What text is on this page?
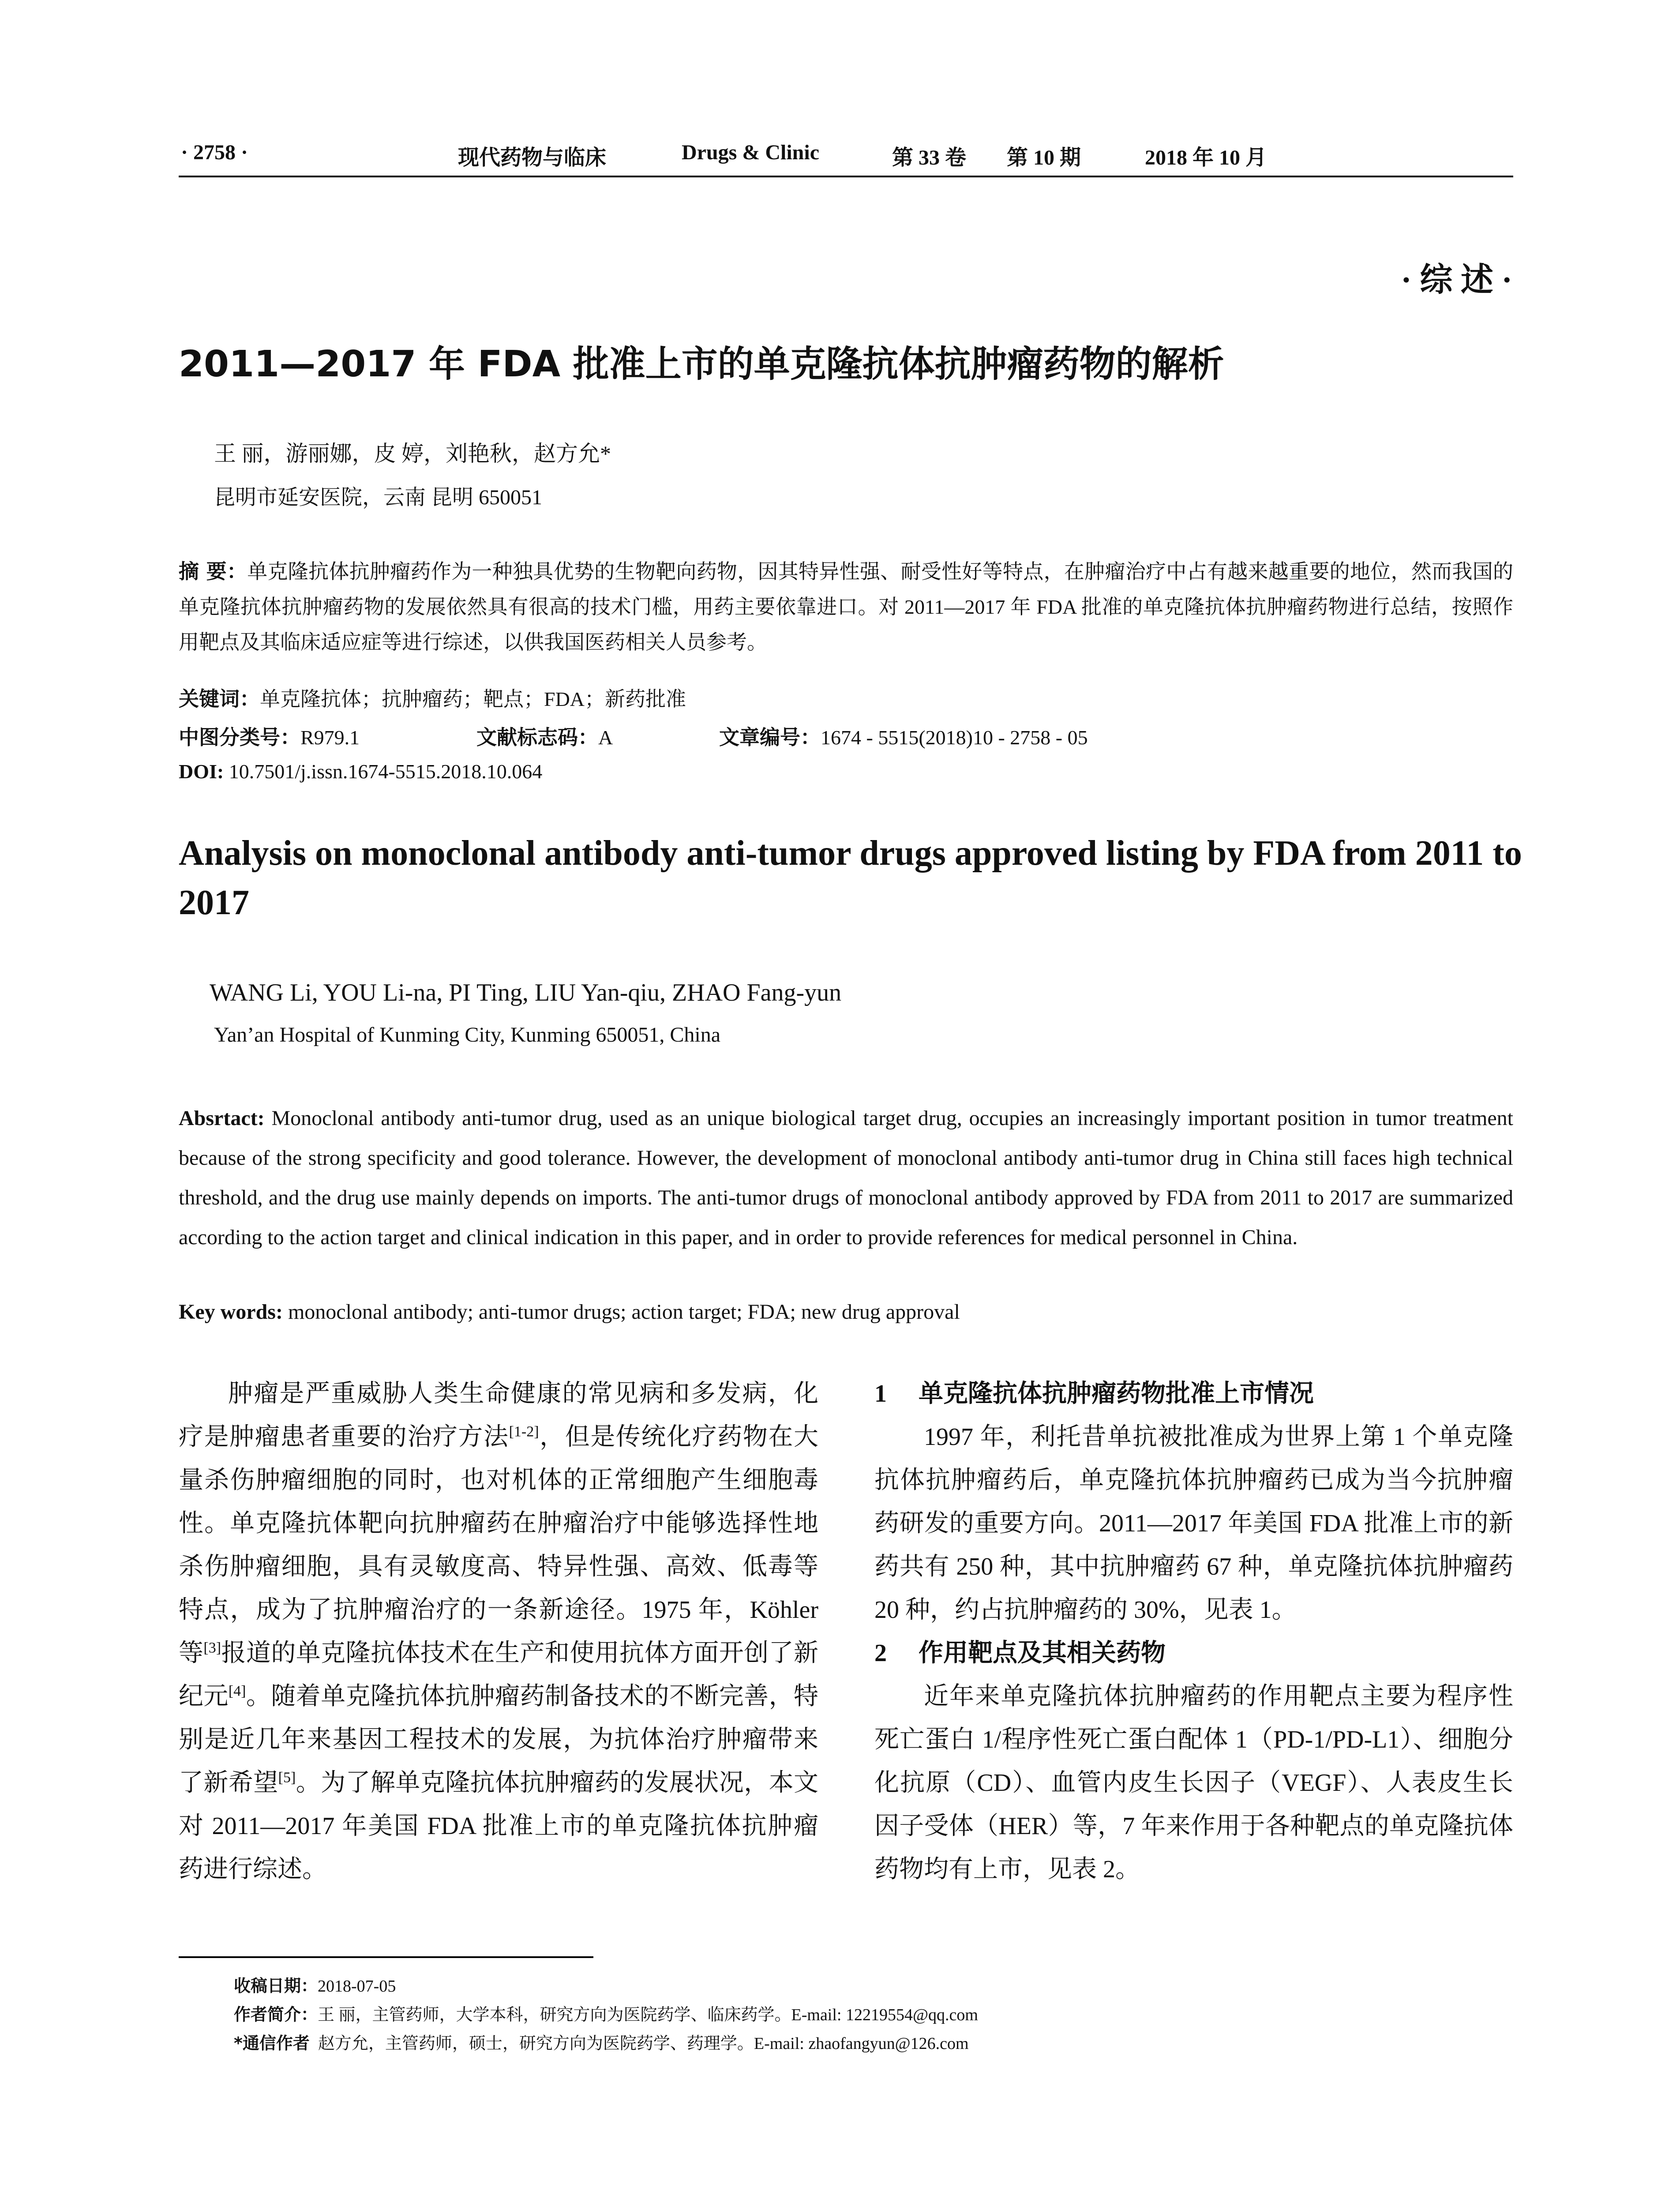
· 2758 ·	现代药物与临床	Drugs & Clinic	第 33 卷 第 10 期	2018 年 10 月
· 综 述 ·
2011—2017 年 FDA 批准上市的单克隆抗体抗肿瘤药物的解析
王 丽，游丽娜，皮 婷，刘艳秋，赵方允*
昆明市延安医院，云南 昆明 650051
摘 要：单克隆抗体抗肿瘤药作为一种独具优势的生物靶向药物，因其特异性强、耐受性好等特点，在肿瘤治疗中占有越来越重要的地位，然而我国的单克隆抗体抗肿瘤药物的发展依然具有很高的技术门槛，用药主要依靠进口。对 2011—2017 年 FDA 批准的单克隆抗体抗肿瘤药物进行总结，按照作用靶点及其临床适应症等进行综述，以供我国医药相关人员参考。
关键词：单克隆抗体；抗肿瘤药；靶点；FDA；新药批准
中图分类号：R979.1	文献标志码：A	文章编号：1674 - 5515(2018)10 - 2758 - 05
DOI: 10.7501/j.issn.1674-5515.2018.10.064
Analysis on monoclonal antibody anti-tumor drugs approved listing by FDA from 2011 to 2017
WANG Li, YOU Li-na, PI Ting, LIU Yan-qiu, ZHAO Fang-yun
Yan’an Hospital of Kunming City, Kunming 650051, China
Absrtact: Monoclonal antibody anti-tumor drug, used as an unique biological target drug, occupies an increasingly important position in tumor treatment because of the strong specificity and good tolerance. However, the development of monoclonal antibody anti-tumor drug in China still faces high technical threshold, and the drug use mainly depends on imports. The anti-tumor drugs of monoclonal antibody approved by FDA from 2011 to 2017 are summarized according to the action target and clinical indication in this paper, and in order to provide references for medical personnel in China.
Key words: monoclonal antibody; anti-tumor drugs; action target; FDA; new drug approval

肿瘤是严重威胁人类生命健康的常见病和多发病，化疗是肿瘤患者重要的治疗方法[1-2]，但是传统化疗药物在大量杀伤肿瘤细胞的同时，也对机体的正常细胞产生细胞毒性。单克隆抗体靶向抗肿瘤药在肿瘤治疗中能够选择性地杀伤肿瘤细胞，具有灵敏度高、特异性强、高效、低毒等特点，成为了抗肿瘤治疗的一条新途径。1975 年，Köhler 等[3]报道的单克隆抗体技术在生产和使用抗体方面开创了新纪元[4]。随着单克隆抗体抗肿瘤药制备技术的不断完善，特别是近几年来基因工程技术的发展，为抗体治疗肿瘤带来了新希望[5]。为了解单克隆抗体抗肿瘤药的发展状况，本文对 2011—2017 年美国 FDA 批准上市的单克隆抗体抗肿瘤药进行综述。

1 单克隆抗体抗肿瘤药物批准上市情况

1997 年，利托昔单抗被批准成为世界上第 1 个单克隆抗体抗肿瘤药后，单克隆抗体抗肿瘤药已成为当今抗肿瘤药研发的重要方向。2011—2017 年美国 FDA 批准上市的新药共有 250 种，其中抗肿瘤药 67 种，单克隆抗体抗肿瘤药 20 种，约占抗肿瘤药的 30%，见表 1。

2 作用靶点及其相关药物

近年来单克隆抗体抗肿瘤药的作用靶点主要为程序性死亡蛋白 1/程序性死亡蛋白配体 1（PD-1/PD-L1）、细胞分化抗原（CD）、血管内皮生长因子（VEGF）、人表皮生长因子受体（HER）等，7 年来作用于各种靶点的单克隆抗体药物均有上市，见表 2。

收稿日期：2018-07-05
作者简介：王 丽，主管药师，大学本科，研究方向为医院药学、临床药学。E-mail: 12219554@qq.com
*通信作者 赵方允，主管药师，硕士，研究方向为医院药学、药理学。E-mail: zhaofangyun@126.com
